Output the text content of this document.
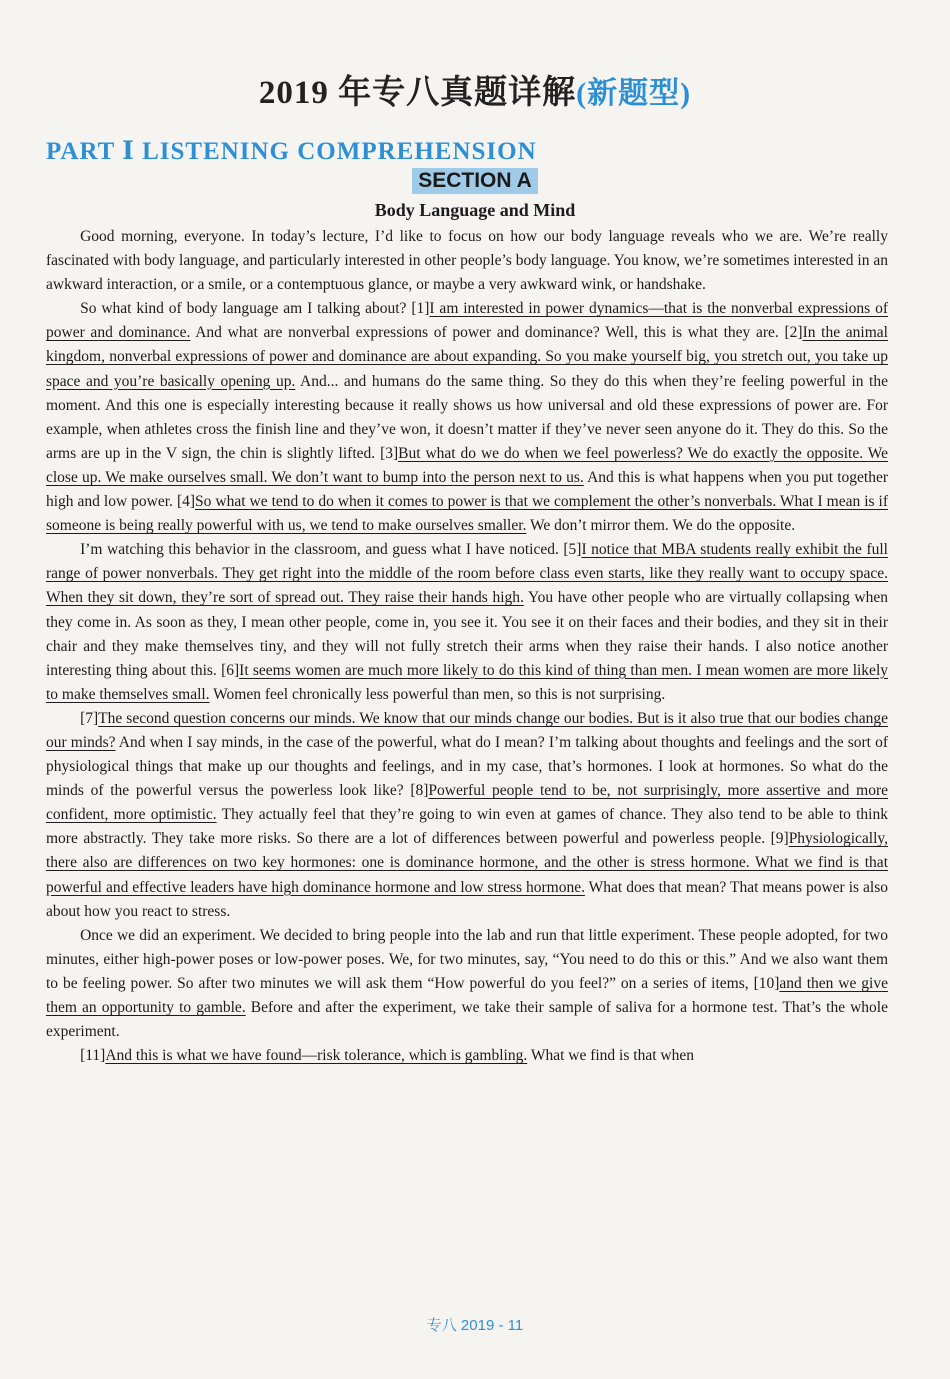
2019 年专八真题详解(新题型)
PART Ⅰ LISTENING COMPREHENSION
SECTION A
Body Language and Mind

Good morning, everyone. In today’s lecture, I’d like to focus on how our body language reveals who we are. We’re really fascinated with body language, and particularly interested in other people’s body language. You know, we’re sometimes interested in an awkward interaction, or a smile, or a contemptuous glance, or maybe a very awkward wink, or handshake.

So what kind of body language am I talking about? [1]I am interested in power dynamics—that is the nonverbal expressions of power and dominance. And what are nonverbal expressions of power and dominance? Well, this is what they are. [2]In the animal kingdom, nonverbal expressions of power and dominance are about expanding. So you make yourself big, you stretch out, you take up space and you’re basically opening up. And... and humans do the same thing. So they do this when they’re feeling powerful in the moment. And this one is especially interesting because it really shows us how universal and old these expressions of power are. For example, when athletes cross the finish line and they’ve won, it doesn’t matter if they’ve never seen anyone do it. They do this. So the arms are up in the V sign, the chin is slightly lifted. [3]But what do we do when we feel powerless? We do exactly the opposite. We close up. We make ourselves small. We don’t want to bump into the person next to us. And this is what happens when you put together high and low power. [4]So what we tend to do when it comes to power is that we complement the other’s nonverbals. What I mean is if someone is being really powerful with us, we tend to make ourselves smaller. We don’t mirror them. We do the opposite.

I’m watching this behavior in the classroom, and guess what I have noticed. [5]I notice that MBA students really exhibit the full range of power nonverbals. They get right into the middle of the room before class even starts, like they really want to occupy space. When they sit down, they’re sort of spread out. They raise their hands high. You have other people who are virtually collapsing when they come in. As soon as they, I mean other people, come in, you see it. You see it on their faces and their bodies, and they sit in their chair and they make themselves tiny, and they will not fully stretch their arms when they raise their hands. I also notice another interesting thing about this. [6]It seems women are much more likely to do this kind of thing than men. I mean women are more likely to make themselves small. Women feel chronically less powerful than men, so this is not surprising.

[7]The second question concerns our minds. We know that our minds change our bodies. But is it also true that our bodies change our minds? And when I say minds, in the case of the powerful, what do I mean? I’m talking about thoughts and feelings and the sort of physiological things that make up our thoughts and feelings, and in my case, that’s hormones. I look at hormones. So what do the minds of the powerful versus the powerless look like? [8]Powerful people tend to be, not surprisingly, more assertive and more confident, more optimistic. They actually feel that they’re going to win even at games of chance. They also tend to be able to think more abstractly. They take more risks. So there are a lot of differences between powerful and powerless people. [9]Physiologically, there also are differences on two key hormones: one is dominance hormone, and the other is stress hormone. What we find is that powerful and effective leaders have high dominance hormone and low stress hormone. What does that mean? That means power is also about how you react to stress.

Once we did an experiment. We decided to bring people into the lab and run that little experiment. These people adopted, for two minutes, either high-power poses or low-power poses. We, for two minutes, say, “You need to do this or this.” And we also want them to be feeling power. So after two minutes we will ask them “How powerful do you feel?” on a series of items, [10]and then we give them an opportunity to gamble. Before and after the experiment, we take their sample of saliva for a hormone test. That’s the whole experiment.

[11]And this is what we have found—risk tolerance, which is gambling. What we find is that when

专八 2019 - 11
